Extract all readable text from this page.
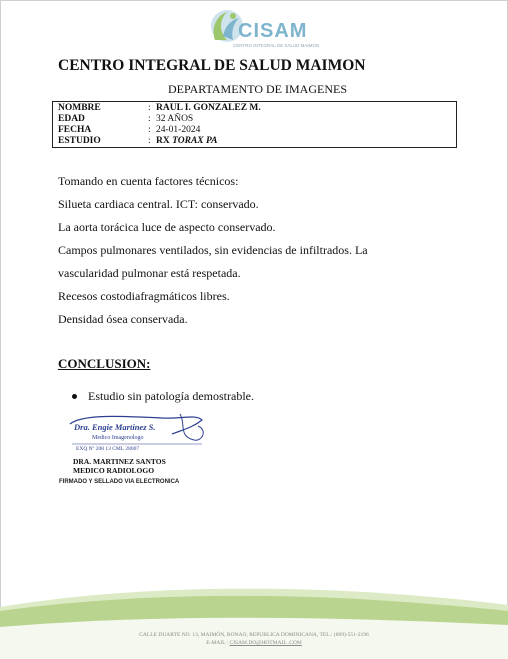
CISAM
CENTRO INTEGRAL DE SALUD MAIMON
CENTRO INTEGRAL DE SALUD MAIMON
DEPARTAMENTO DE IMAGENES
NOMBRE	: RAUL I. GONZALEZ M.
EDAD	: 32 AÑOS
FECHA	: 24-01-2024
ESTUDIO	: RX TORAX PA
Tomando en cuenta factores técnicos:
Silueta cardiaca central. ICT: conservado.
La aorta torácica luce de aspecto conservado.
Campos pulmonares ventilados, sin evidencias de infiltrados. La
vascularidad pulmonar está respetada.
Recesos costodiafragmáticos libres.
Densidad ósea conservada.
CONCLUSION:
Estudio sin patología demostrable.
Dra. Engie Martinez S.
Medico Imagenologo
EXQ Nº 208 13 CML 28007
DRA. MARTINEZ SANTOS
MEDICO RADIOLOGO
FIRMADO Y SELLADO VIA ELECTRONICA
CALLE DUARTE NO. 13, MAIMÓN, BONAO, REPUBLICA DOMINICANA, TEL.: (809)-551-2196
E-MAIL : CISAM.DO@HOTMAIL .COM
